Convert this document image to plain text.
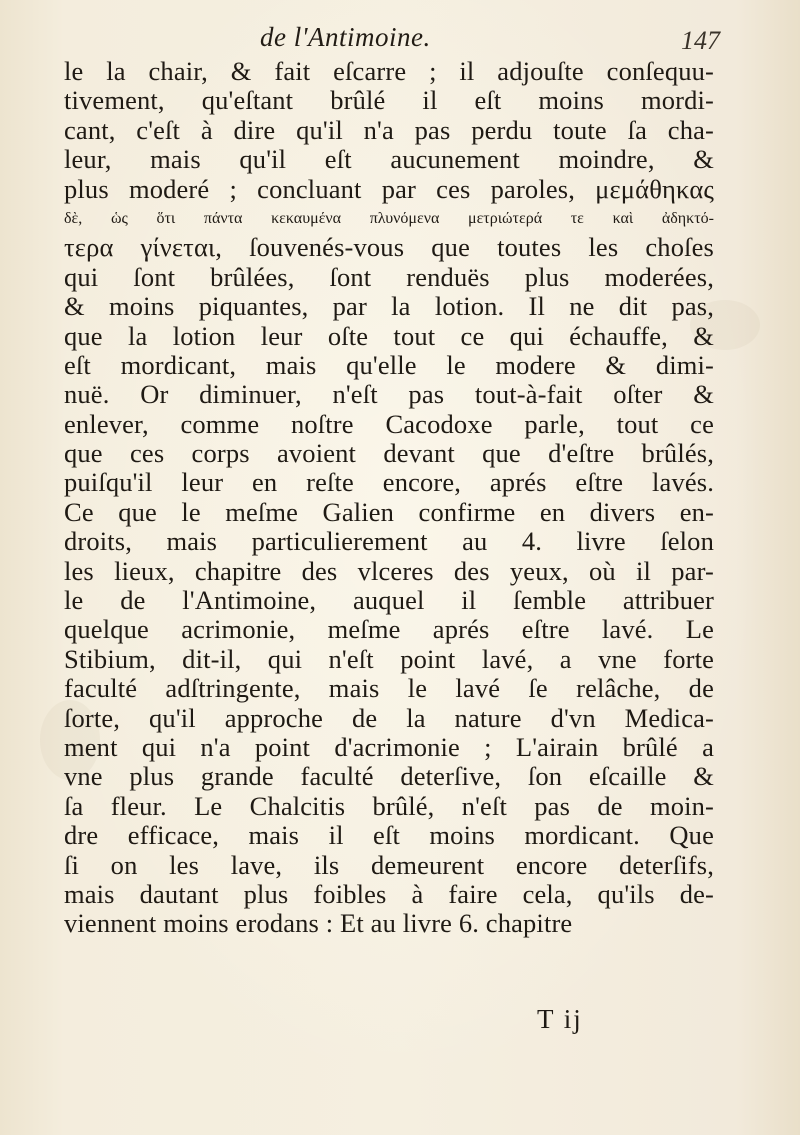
de l'Antimoine.	147
le la chair, & fait eſcarre ; il adjouſte conſequu-
tivement, qu'eſtant brûlé il eſt moins mordi-
cant, c'eſt à dire qu'il n'a pas perdu toute ſa cha-
leur, mais qu'il eſt aucunement moindre, &
plus moderé ; concluant par ces paroles, μεμάθηκας
δὲ, ὡς ὅτι πάντα κεκαυμένα πλυνόμενα μετριώτερά τε καὶ ἀδηκτό-
τερα γίνεται, ſouvenés-vous que toutes les choſes
qui ſont brûlées, ſont renduës plus moderées,
& moins piquantes, par la lotion. Il ne dit pas,
que la lotion leur oſte tout ce qui échauffe, &
eſt mordicant, mais qu'elle le modere & dimi-
nuë. Or diminuer, n'eſt pas tout-à-fait oſter &
enlever, comme noſtre Cacodoxe parle, tout ce
que ces corps avoient devant que d'eſtre brûlés,
puiſqu'il leur en reſte encore, aprés eſtre lavés.
Ce que le meſme Galien confirme en divers en-
droits, mais particulierement au 4. livre ſelon
les lieux, chapitre des vlceres des yeux, où il par-
le de l'Antimoine, auquel il ſemble attribuer
quelque acrimonie, meſme aprés eſtre lavé. Le
Stibium, dit-il, qui n'eſt point lavé, a vne forte
faculté adſtringente, mais le lavé ſe relâche, de
ſorte, qu'il approche de la nature d'vn Medica-
ment qui n'a point d'acrimonie ; L'airain brûlé a
vne plus grande faculté deterſive, ſon eſcaille &
ſa fleur. Le Chalcitis brûlé, n'eſt pas de moin-
dre efficace, mais il eſt moins mordicant. Que
ſi on les lave, ils demeurent encore deterſifs,
mais dautant plus foibles à faire cela, qu'ils de-
viennent moins erodans : Et au livre 6. chapitre
T ij
